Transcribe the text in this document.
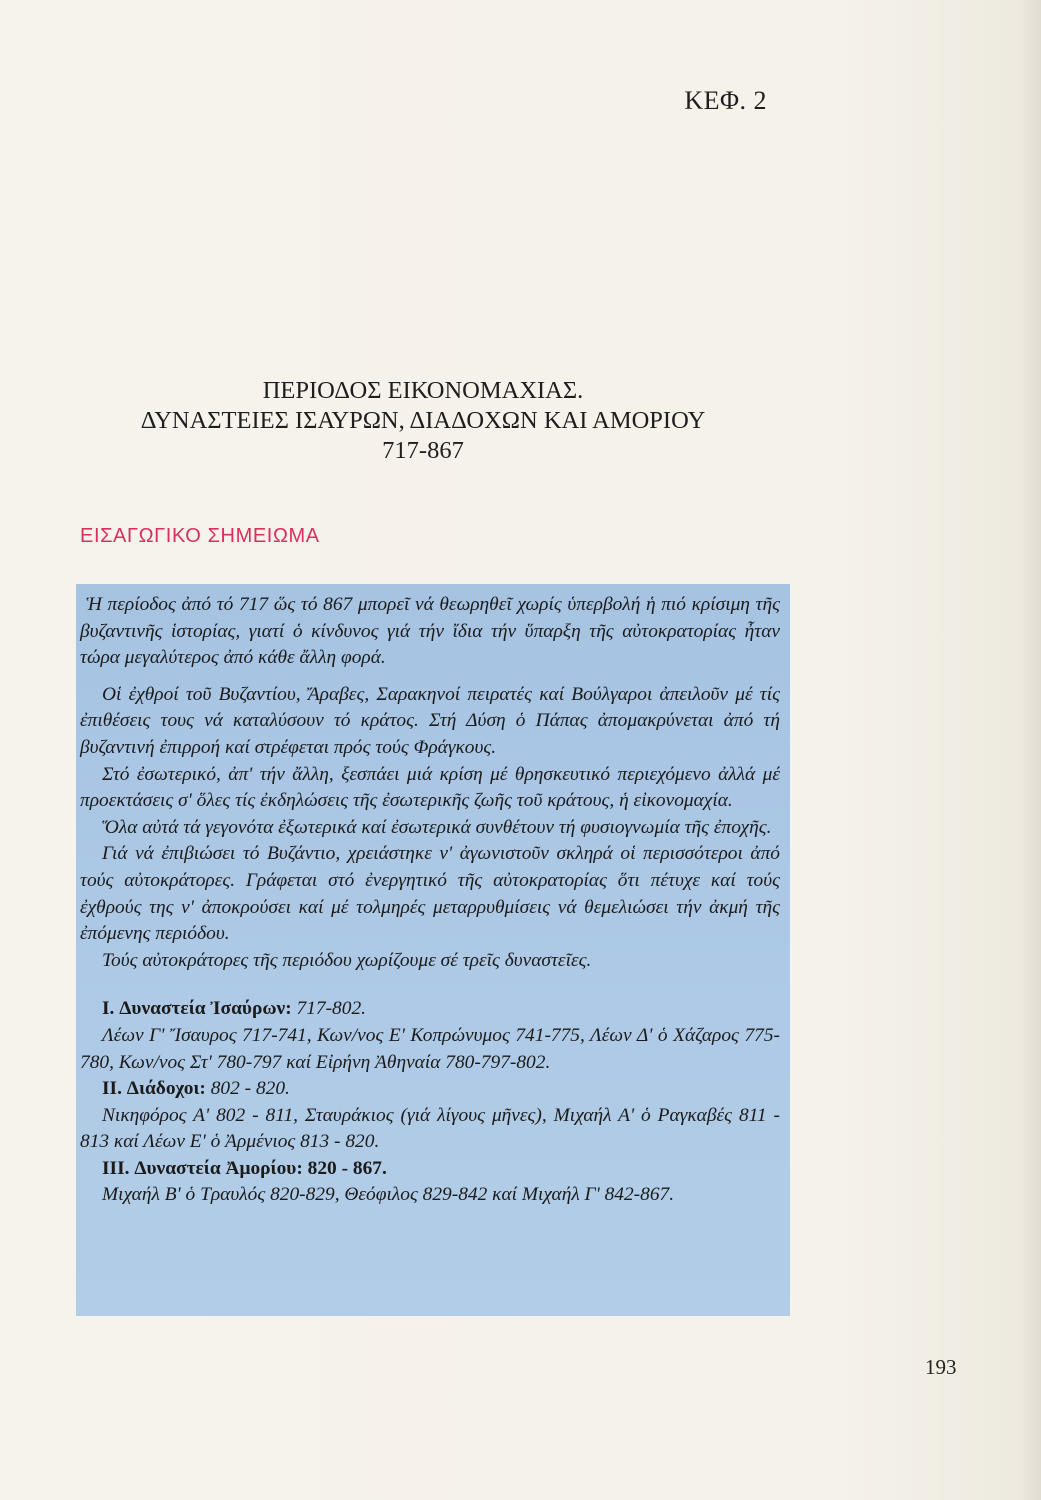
ΚΕΦ. 2
ΠΕΡΙΟΔΟΣ ΕΙΚΟΝΟΜΑΧΙΑΣ.
ΔΥΝΑΣΤΕΙΕΣ ΙΣΑΥΡΩΝ, ΔΙΑΔΟΧΩΝ ΚΑΙ ΑΜΟΡΙΟΥ
717-867
ΕΙΣΑΓΩΓΙΚΟ ΣΗΜΕΙΩΜΑ

Ἡ περίοδος ἀπό τό 717 ὥς τό 867 μπορεῖ νά θεωρηθεῖ χωρίς ὑπερβολή ἡ πιό κρίσιμη τῆς βυζαντινῆς ἱστορίας, γιατί ὁ κίνδυνος γιά τήν ἴδια τήν ὕπαρξη τῆς αὐτοκρατορίας ἦταν τώρα μεγαλύτερος ἀπό κάθε ἄλλη φορά.

Οἱ ἐχθροί τοῦ Βυζαντίου, Ἄραβες, Σαρακηνοί πειρατές καί Βούλγαροι ἀπειλοῦν μέ τίς ἐπιθέσεις τους νά καταλύσουν τό κράτος. Στή Δύση ὁ Πάπας ἀπομακρύνεται ἀπό τή βυζαντινή ἐπιρροή καί στρέφεται πρός τούς Φράγκους.

Στό ἐσωτερικό, ἀπ' τήν ἄλλη, ξεσπάει μιά κρίση μέ θρησκευτικό περιεχόμενο ἀλλά μέ προεκτάσεις σ' ὅλες τίς ἐκδηλώσεις τῆς ἐσωτερικῆς ζωῆς τοῦ κράτους, ἡ εἰκονομαχία.

Ὅλα αὐτά τά γεγονότα ἐξωτερικά καί ἐσωτερικά συνθέτουν τή φυσιογνωμία τῆς ἐποχῆς.

Γιά νά ἐπιβιώσει τό Βυζάντιο, χρειάστηκε ν' ἀγωνιστοῦν σκληρά οἱ περισσότεροι ἀπό τούς αὐτοκράτορες. Γράφεται στό ἐνεργητικό τῆς αὐτοκρατορίας ὅτι πέτυχε καί τούς ἐχθρούς της ν' ἀποκρούσει καί μέ τολμηρές μεταρρυθμίσεις νά θεμελιώσει τήν ἀκμή τῆς ἐπόμενης περιόδου.

Τούς αὐτοκράτορες τῆς περιόδου χωρίζουμε σέ τρεῖς δυναστεῖες.

I. Δυναστεία Ἰσαύρων: 717-802.

Λέων Γ' Ἴσαυρος 717-741, Κων/νος Ε' Κοπρώνυμος 741-775, Λέων Δ' ὁ Χάζαρος 775-780, Κων/νος Στ' 780-797 καί Εἰρήνη Ἀθηναία 780-797-802.

II. Διάδοχοι: 802 - 820.

Νικηφόρος Α' 802 - 811, Σταυράκιος (γιά λίγους μῆνες), Μιχαήλ Α' ὁ Ραγκαβές 811 - 813 καί Λέων Ε' ὁ Ἀρμένιος 813 - 820.

III. Δυναστεία Ἀμορίου: 820 - 867.

Μιχαήλ Β' ὁ Τραυλός 820-829, Θεόφιλος 829-842 καί Μιχαήλ Γ' 842-867.

193
